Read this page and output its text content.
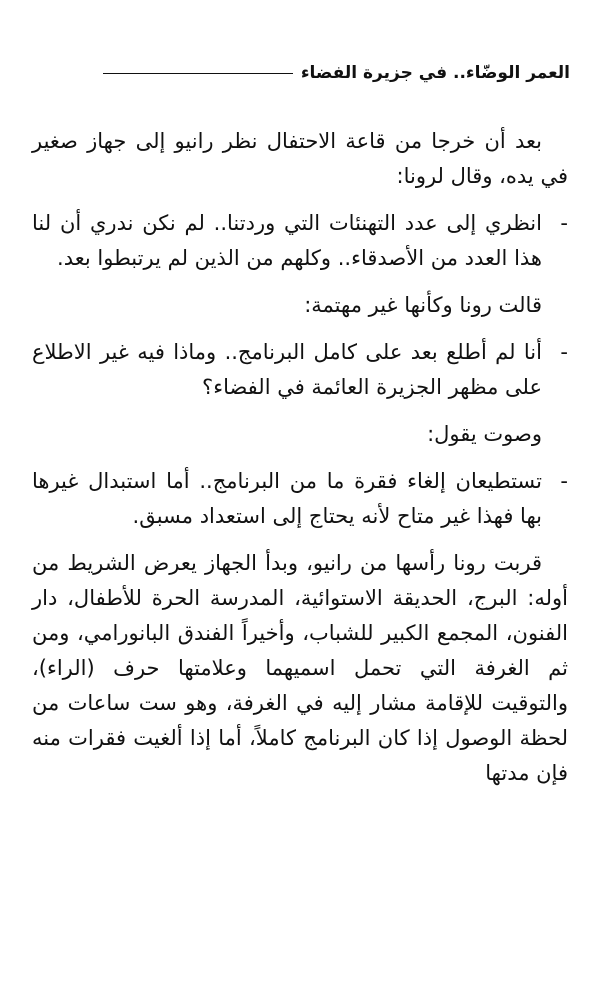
العمر الوضّاء.. في جزيرة الفضاء

بعد أن خرجا من قاعة الاحتفال نظر رانيو إلى جهاز صغير في يده، وقال لرونا:

-
انظري إلى عدد التهنئات التي وردتنا.. لم نكن ندري أن لنا هذا العدد من الأصدقاء.. وكلهم من الذين لم يرتبطوا بعد.

قالت رونا وكأنها غير مهتمة:

-
أنا لم أطلع بعد على كامل البرنامج.. وماذا فيه غير الاطلاع على مظهر الجزيرة العائمة في الفضاء؟

وصوت يقول:

-
تستطيعان إلغاء فقرة ما من البرنامج.. أما استبدال غيرها بها فهذا غير متاح لأنه يحتاج إلى استعداد مسبق.

قربت رونا رأسها من رانيو، وبدأ الجهاز يعرض الشريط من أوله: البرج، الحديقة الاستوائية، المدرسة الحرة للأطفال، دار الفنون، المجمع الكبير للشباب، وأخيراً الفندق البانورامي، ومن ثم الغرفة التي تحمل اسميهما وعلامتها حرف (الراء)، والتوقيت للإقامة مشار إليه في الغرفة، وهو ست ساعات من لحظة الوصول إذا كان البرنامج كاملاً، أما إذا ألغيت فقرات منه فإن مدتها
